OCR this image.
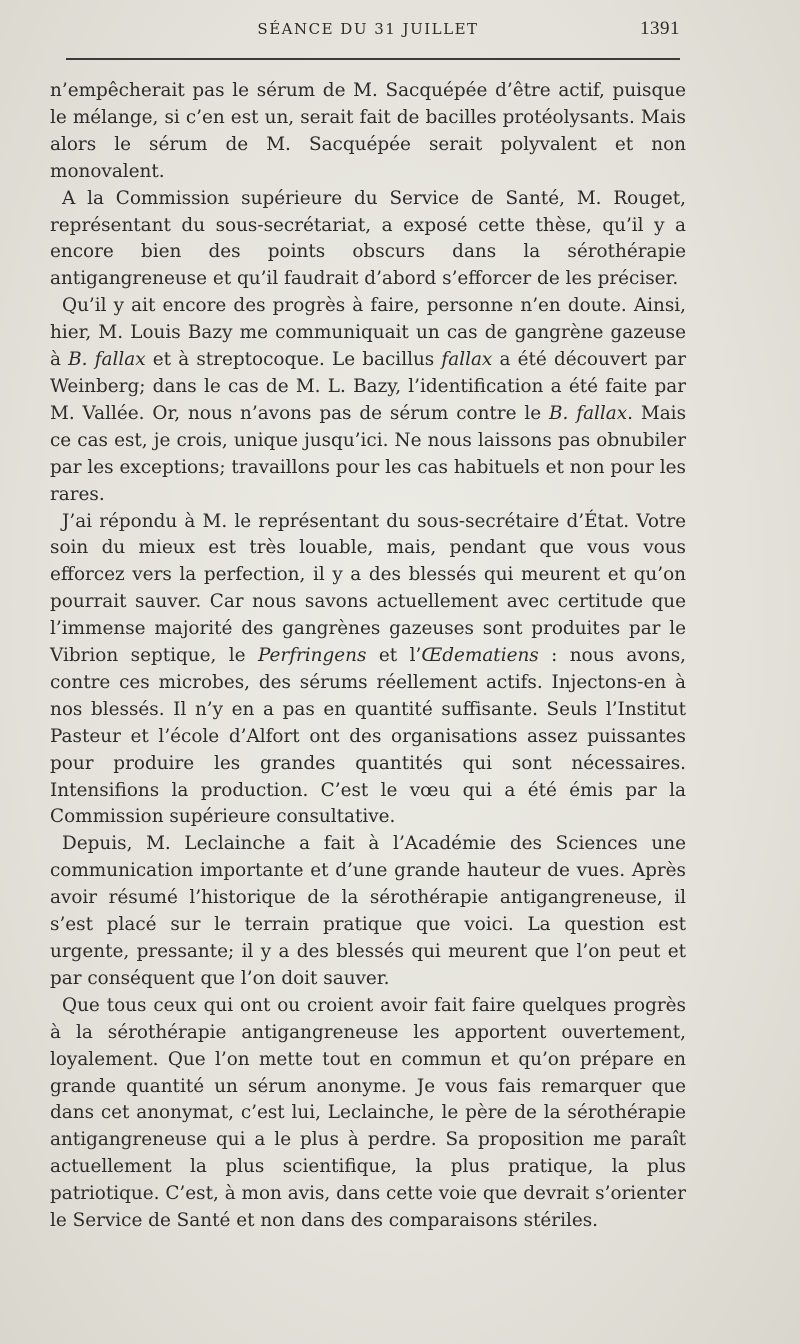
SÉANCE DU 31 JUILLET	1391

n’empêcherait pas le sérum de M. Sacquépée d’être actif, puisque le mélange, si c’en est un, serait fait de bacilles protéolysants. Mais alors le sérum de M. Sacquépée serait polyvalent et non monovalent.

A la Commission supérieure du Service de Santé, M. Rouget, représentant du sous-secrétariat, a exposé cette thèse, qu’il y a encore bien des points obscurs dans la sérothérapie antigangreneuse et qu’il faudrait d’abord s’efforcer de les préciser.

Qu’il y ait encore des progrès à faire, personne n’en doute. Ainsi, hier, M. Louis Bazy me communiquait un cas de gangrène gazeuse à B. fallax et à streptocoque. Le bacillus fallax a été découvert par Weinberg; dans le cas de M. L. Bazy, l’identification a été faite par M. Vallée. Or, nous n’avons pas de sérum contre le B. fallax. Mais ce cas est, je crois, unique jusqu’ici. Ne nous laissons pas obnubiler par les exceptions; travaillons pour les cas habituels et non pour les rares.

J’ai répondu à M. le représentant du sous-secrétaire d’État. Votre soin du mieux est très louable, mais, pendant que vous vous efforcez vers la perfection, il y a des blessés qui meurent et qu’on pourrait sauver. Car nous savons actuellement avec certitude que l’immense majorité des gangrènes gazeuses sont produites par le Vibrion septique, le Perfringens et l’Œdematiens : nous avons, contre ces microbes, des sérums réellement actifs. Injectons-en à nos blessés. Il n’y en a pas en quantité suffisante. Seuls l’Institut Pasteur et l’école d’Alfort ont des organisations assez puissantes pour produire les grandes quantités qui sont nécessaires. Intensifions la production. C’est le vœu qui a été émis par la Commission supérieure consultative.

Depuis, M. Leclainche a fait à l’Académie des Sciences une communication importante et d’une grande hauteur de vues. Après avoir résumé l’historique de la sérothérapie antigangreneuse, il s’est placé sur le terrain pratique que voici. La question est urgente, pressante; il y a des blessés qui meurent que l’on peut et par conséquent que l’on doit sauver.

Que tous ceux qui ont ou croient avoir fait faire quelques progrès à la sérothérapie antigangreneuse les apportent ouvertement, loyalement. Que l’on mette tout en commun et qu’on prépare en grande quantité un sérum anonyme. Je vous fais remarquer que dans cet anonymat, c’est lui, Leclainche, le père de la sérothérapie antigangreneuse qui a le plus à perdre. Sa proposition me paraît actuellement la plus scientifique, la plus pratique, la plus patriotique. C’est, à mon avis, dans cette voie que devrait s’orienter le Service de Santé et non dans des comparaisons stériles.
